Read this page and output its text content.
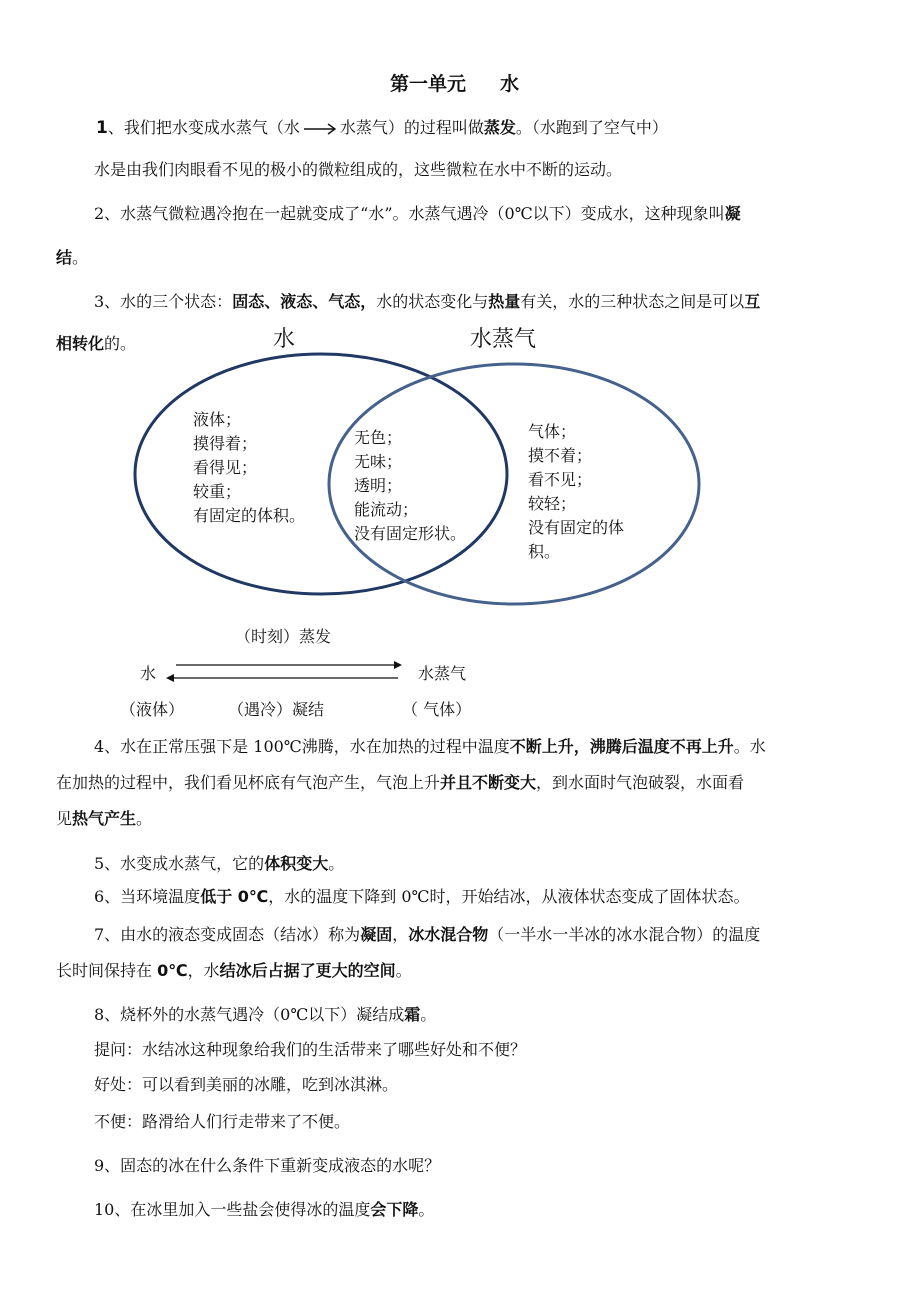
第一单元 水
1、我们把水变成水蒸气（水	水蒸气）的过程叫做蒸发。（水跑到了空气中）
水是由我们肉眼看不见的极小的微粒组成的，这些微粒在水中不断的运动。
2、水蒸气微粒遇冷抱在一起就变成了“水”。水蒸气遇冷（0℃以下）变成水，这种现象叫凝
结。
3、水的三个状态：固态、液态、气态，水的状态变化与热量有关，水的三种状态之间是可以互
相转化的。	水	水蒸气
液体；
摸得着；
看得见；
较重；
有固定的体积。
无色；
无味；
透明；
能流动；
没有固定形状。
气体；
摸不着；
看不见；
较轻；
没有固定的体
积。
（时刻）蒸发
水	水蒸气
（液体）	（遇冷）凝结	（ 气体）
4、水在正常压强下是 100℃沸腾，水在加热的过程中温度不断上升，沸腾后温度不再上升。水
在加热的过程中，我们看见杯底有气泡产生，气泡上升并且不断变大，到水面时气泡破裂，水面看
见热气产生。
5、水变成水蒸气，它的体积变大。
6、当环境温度低于 0℃，水的温度下降到 0℃时，开始结冰，从液体状态变成了固体状态。
7、由水的液态变成固态（结冰）称为凝固，冰水混合物（一半水一半冰的冰水混合物）的温度
长时间保持在 0℃，水结冰后占据了更大的空间。
8、烧杯外的水蒸气遇冷（0℃以下）凝结成霜。
提问：水结冰这种现象给我们的生活带来了哪些好处和不便？
好处：可以看到美丽的冰雕，吃到冰淇淋。
不便：路滑给人们行走带来了不便。
9、固态的冰在什么条件下重新变成液态的水呢？
10、在冰里加入一些盐会使得冰的温度会下降。
